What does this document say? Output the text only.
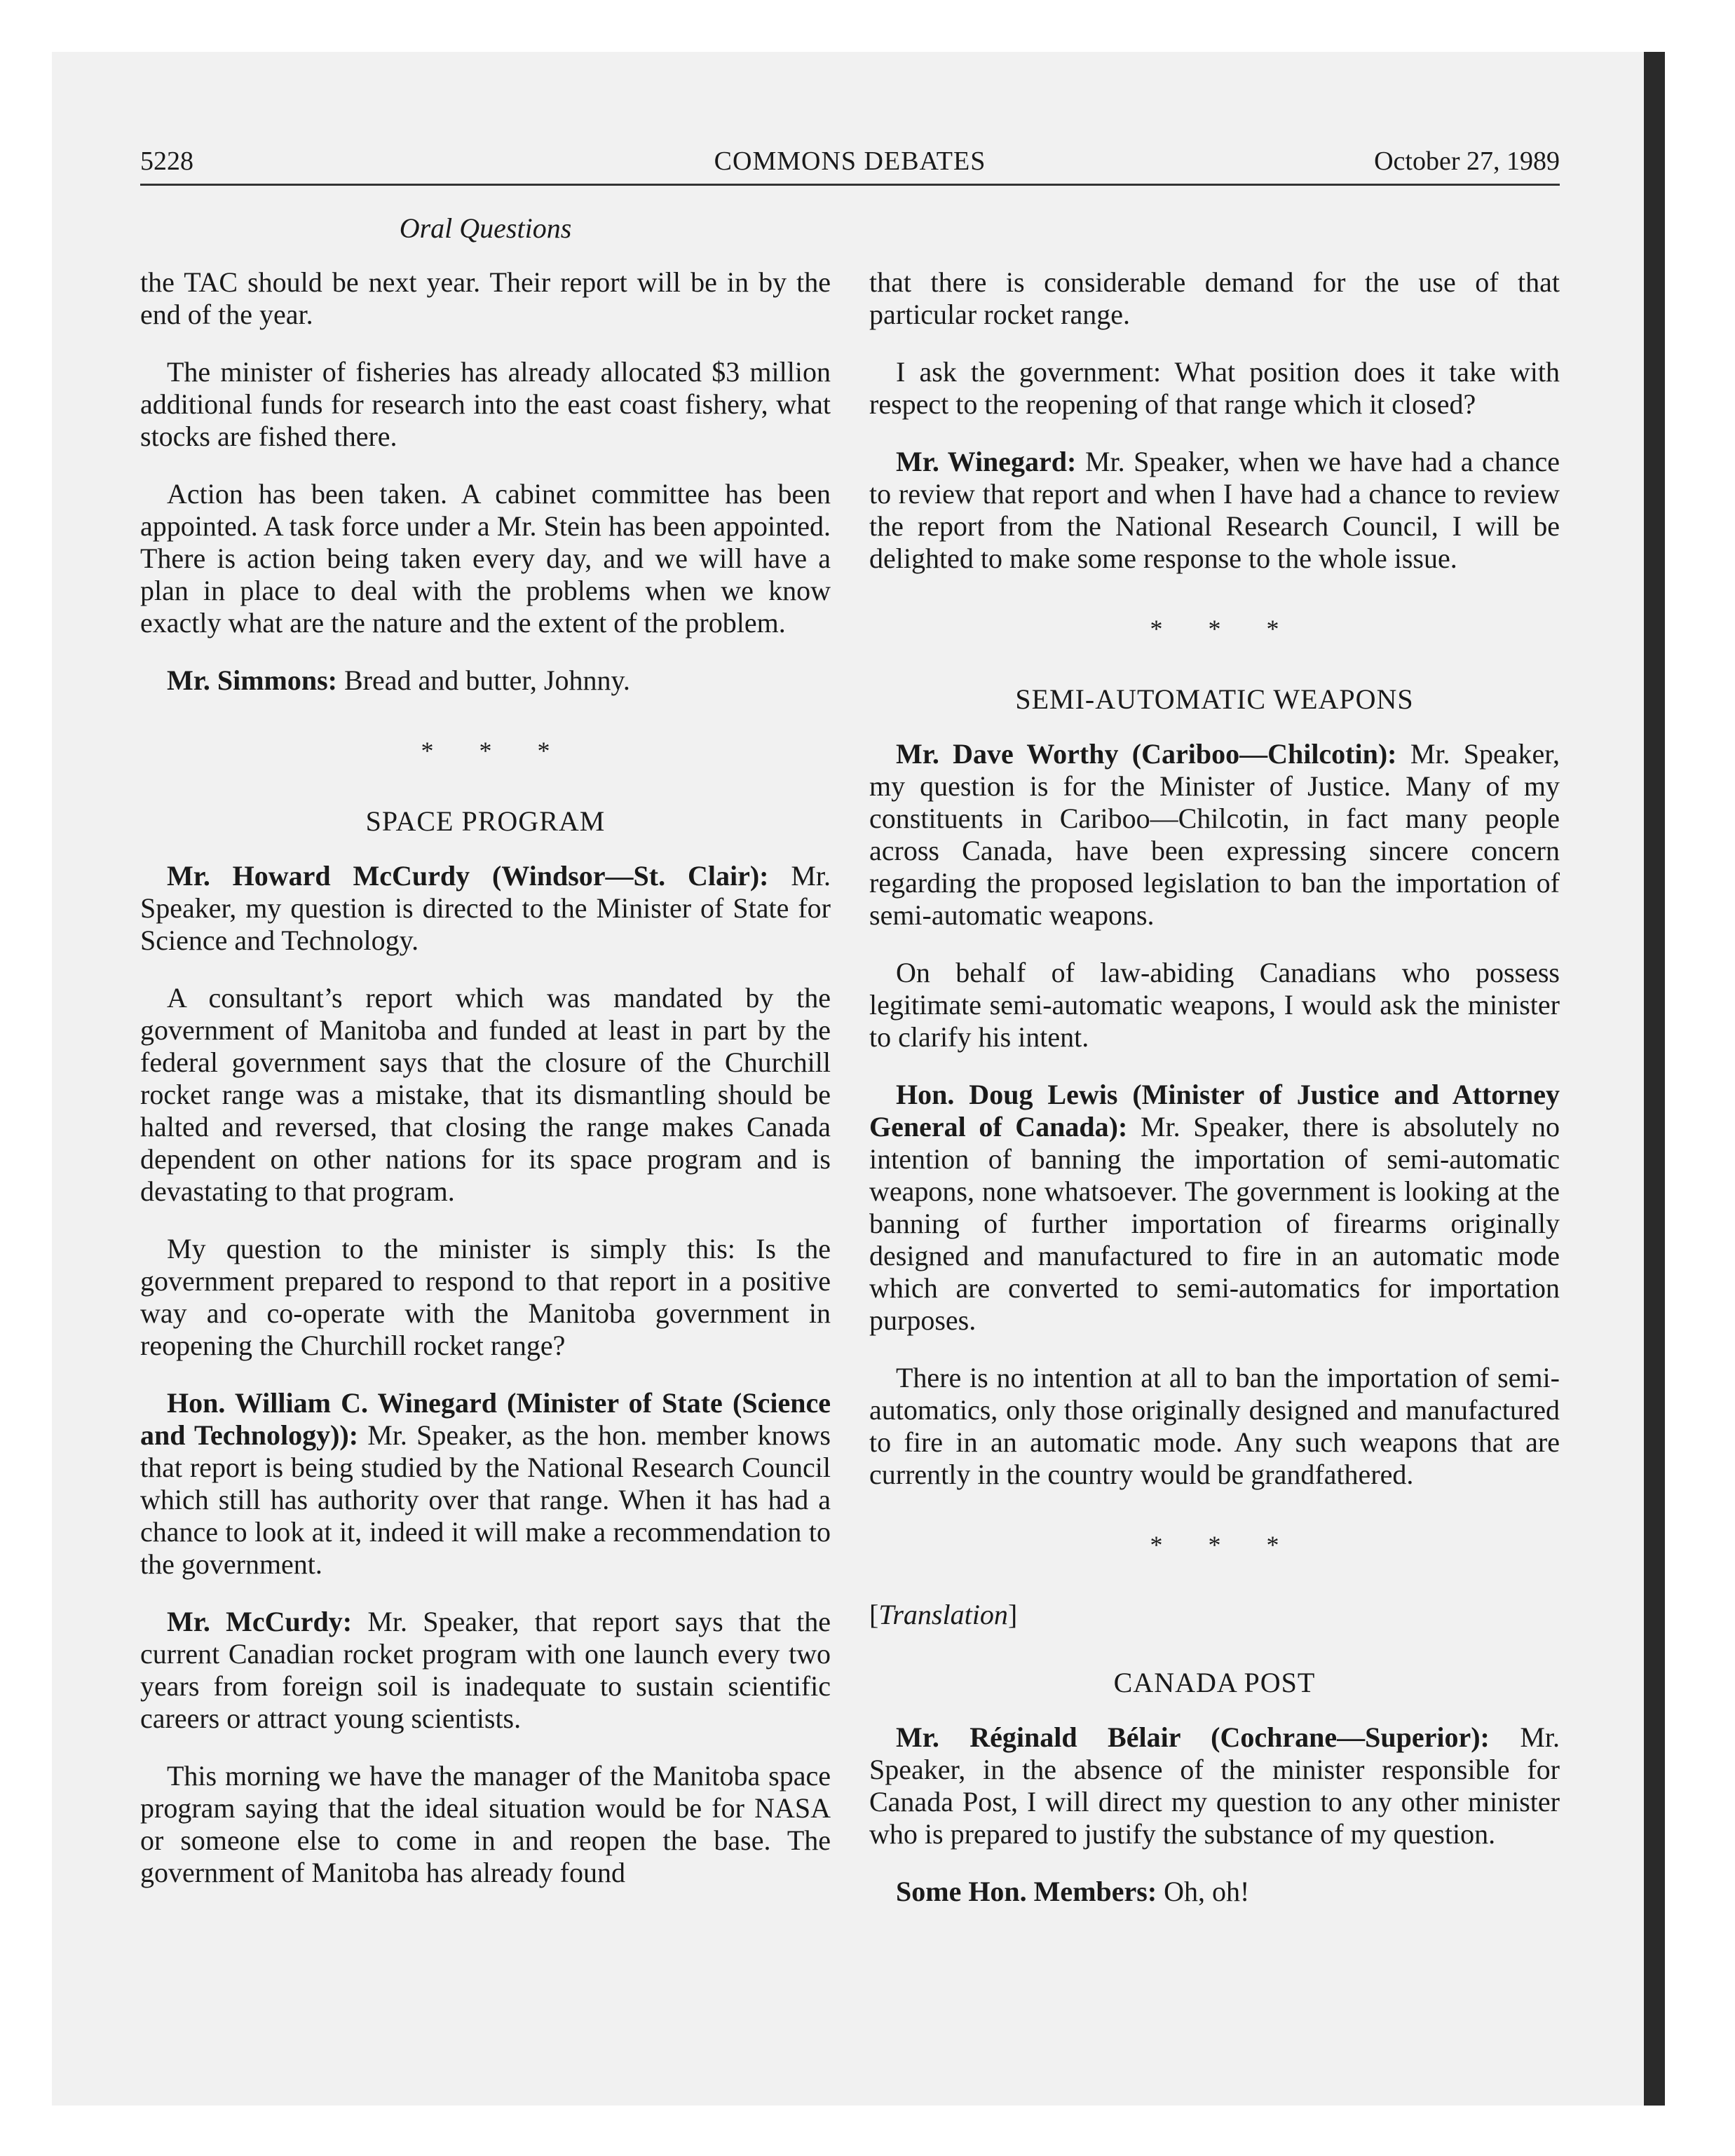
5228	COMMONS DEBATES	October 27, 1989
Oral Questions

the TAC should be next year. Their report will be in by the end of the year.

The minister of fisheries has already allocated $3 million additional funds for research into the east coast fishery, what stocks are fished there.

Action has been taken. A cabinet committee has been appointed. A task force under a Mr. Stein has been appointed. There is action being taken every day, and we will have a plan in place to deal with the problems when we know exactly what are the nature and the extent of the problem.

Mr. Simmons: Bread and butter, Johnny.

* * *
SPACE PROGRAM

Mr. Howard McCurdy (Windsor—St. Clair): Mr. Speaker, my question is directed to the Minister of State for Science and Technology.

A consultant’s report which was mandated by the government of Manitoba and funded at least in part by the federal government says that the closure of the Churchill rocket range was a mistake, that its dismantling should be halted and reversed, that closing the range makes Canada dependent on other nations for its space program and is devastating to that program.

My question to the minister is simply this: Is the government prepared to respond to that report in a positive way and co-operate with the Manitoba government in reopening the Churchill rocket range?

Hon. William C. Winegard (Minister of State (Science and Technology)): Mr. Speaker, as the hon. member knows that report is being studied by the National Research Council which still has authority over that range. When it has had a chance to look at it, indeed it will make a recommendation to the government.

Mr. McCurdy: Mr. Speaker, that report says that the current Canadian rocket program with one launch every two years from foreign soil is inadequate to sustain scientific careers or attract young scientists.

This morning we have the manager of the Manitoba space program saying that the ideal situation would be for NASA or someone else to come in and reopen the base. The government of Manitoba has already found

that there is considerable demand for the use of that particular rocket range.

I ask the government: What position does it take with respect to the reopening of that range which it closed?

Mr. Winegard: Mr. Speaker, when we have had a chance to review that report and when I have had a chance to review the report from the National Research Council, I will be delighted to make some response to the whole issue.

* * *
SEMI-AUTOMATIC WEAPONS

Mr. Dave Worthy (Cariboo—Chilcotin): Mr. Speaker, my question is for the Minister of Justice. Many of my constituents in Cariboo—Chilcotin, in fact many people across Canada, have been expressing sincere concern regarding the proposed legislation to ban the importation of semi-automatic weapons.

On behalf of law-abiding Canadians who possess legitimate semi-automatic weapons, I would ask the minister to clarify his intent.

Hon. Doug Lewis (Minister of Justice and Attorney General of Canada): Mr. Speaker, there is absolutely no intention of banning the importation of semi-automatic weapons, none whatsoever. The government is looking at the banning of further importation of firearms originally designed and manufactured to fire in an automatic mode which are converted to semi-automatics for importation purposes.

There is no intention at all to ban the importation of semi-automatics, only those originally designed and manufactured to fire in an automatic mode. Any such weapons that are currently in the country would be grandfathered.

* * *
[Translation]
CANADA POST

Mr. Réginald Bélair (Cochrane—Superior): Mr. Speaker, in the absence of the minister responsible for Canada Post, I will direct my question to any other minister who is prepared to justify the substance of my question.

Some Hon. Members: Oh, oh!
